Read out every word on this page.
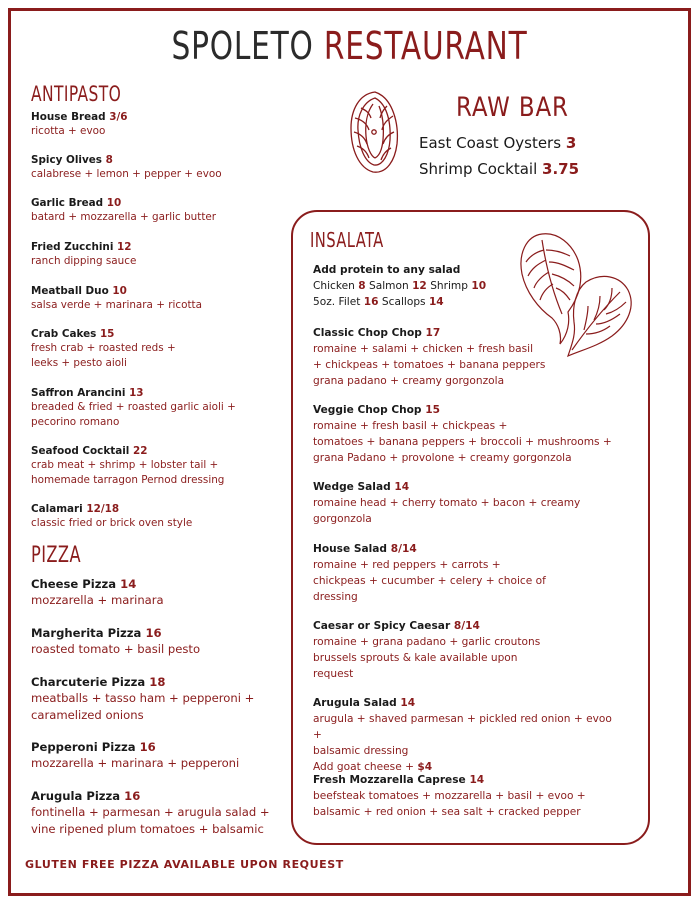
SPOLETO RESTAURANT
ANTIPASTO
House Bread 3/6
ricotta + evoo
Spicy Olives 8
calabrese + lemon + pepper + evoo
Garlic Bread 10
batard + mozzarella + garlic butter
Fried Zucchini 12
ranch dipping sauce
Meatball Duo 10
salsa verde + marinara + ricotta
Crab Cakes 15
fresh crab + roasted reds +
leeks + pesto aioli
Saffron Arancini 13
breaded & fried + roasted garlic aioli +
pecorino romano
Seafood Cocktail 22
crab meat + shrimp + lobster tail +
homemade tarragon Pernod dressing
Calamari 12/18
classic fried or brick oven style
PIZZA
Cheese Pizza 14
mozzarella + marinara
Margherita Pizza 16
roasted tomato + basil pesto
Charcuterie Pizza 18
meatballs + tasso ham + pepperoni +
caramelized onions
Pepperoni Pizza 16
mozzarella + marinara + pepperoni
Arugula Pizza 16
fontinella + parmesan + arugula salad +
vine ripened plum tomatoes + balsamic
GLUTEN FREE PIZZA AVAILABLE UPON REQUEST
RAW BAR
East Coast Oysters 3
Shrimp Cocktail 3.75
INSALATA
Add protein to any salad
Chicken 8 Salmon 12 Shrimp 10
5oz. Filet 16 Scallops 14
Classic Chop Chop 17
romaine + salami + chicken + fresh basil
+ chickpeas + tomatoes + banana peppers
grana padano + creamy gorgonzola
Veggie Chop Chop 15
romaine + fresh basil + chickpeas +
tomatoes + banana peppers + broccoli + mushrooms +
grana Padano + provolone + creamy gorgonzola
Wedge Salad 14
romaine head + cherry tomato + bacon + creamy
gorgonzola
House Salad 8/14
romaine + red peppers + carrots +
chickpeas + cucumber + celery + choice of
dressing
Caesar or Spicy Caesar 8/14
romaine + grana padano + garlic croutons
brussels sprouts & kale available upon
request
Arugula Salad 14
arugula + shaved parmesan + pickled red onion + evoo +
balsamic dressing
Add goat cheese + $4
Fresh Mozzarella Caprese 14
beefsteak tomatoes + mozzarella + basil + evoo +
balsamic + red onion + sea salt + cracked pepper
